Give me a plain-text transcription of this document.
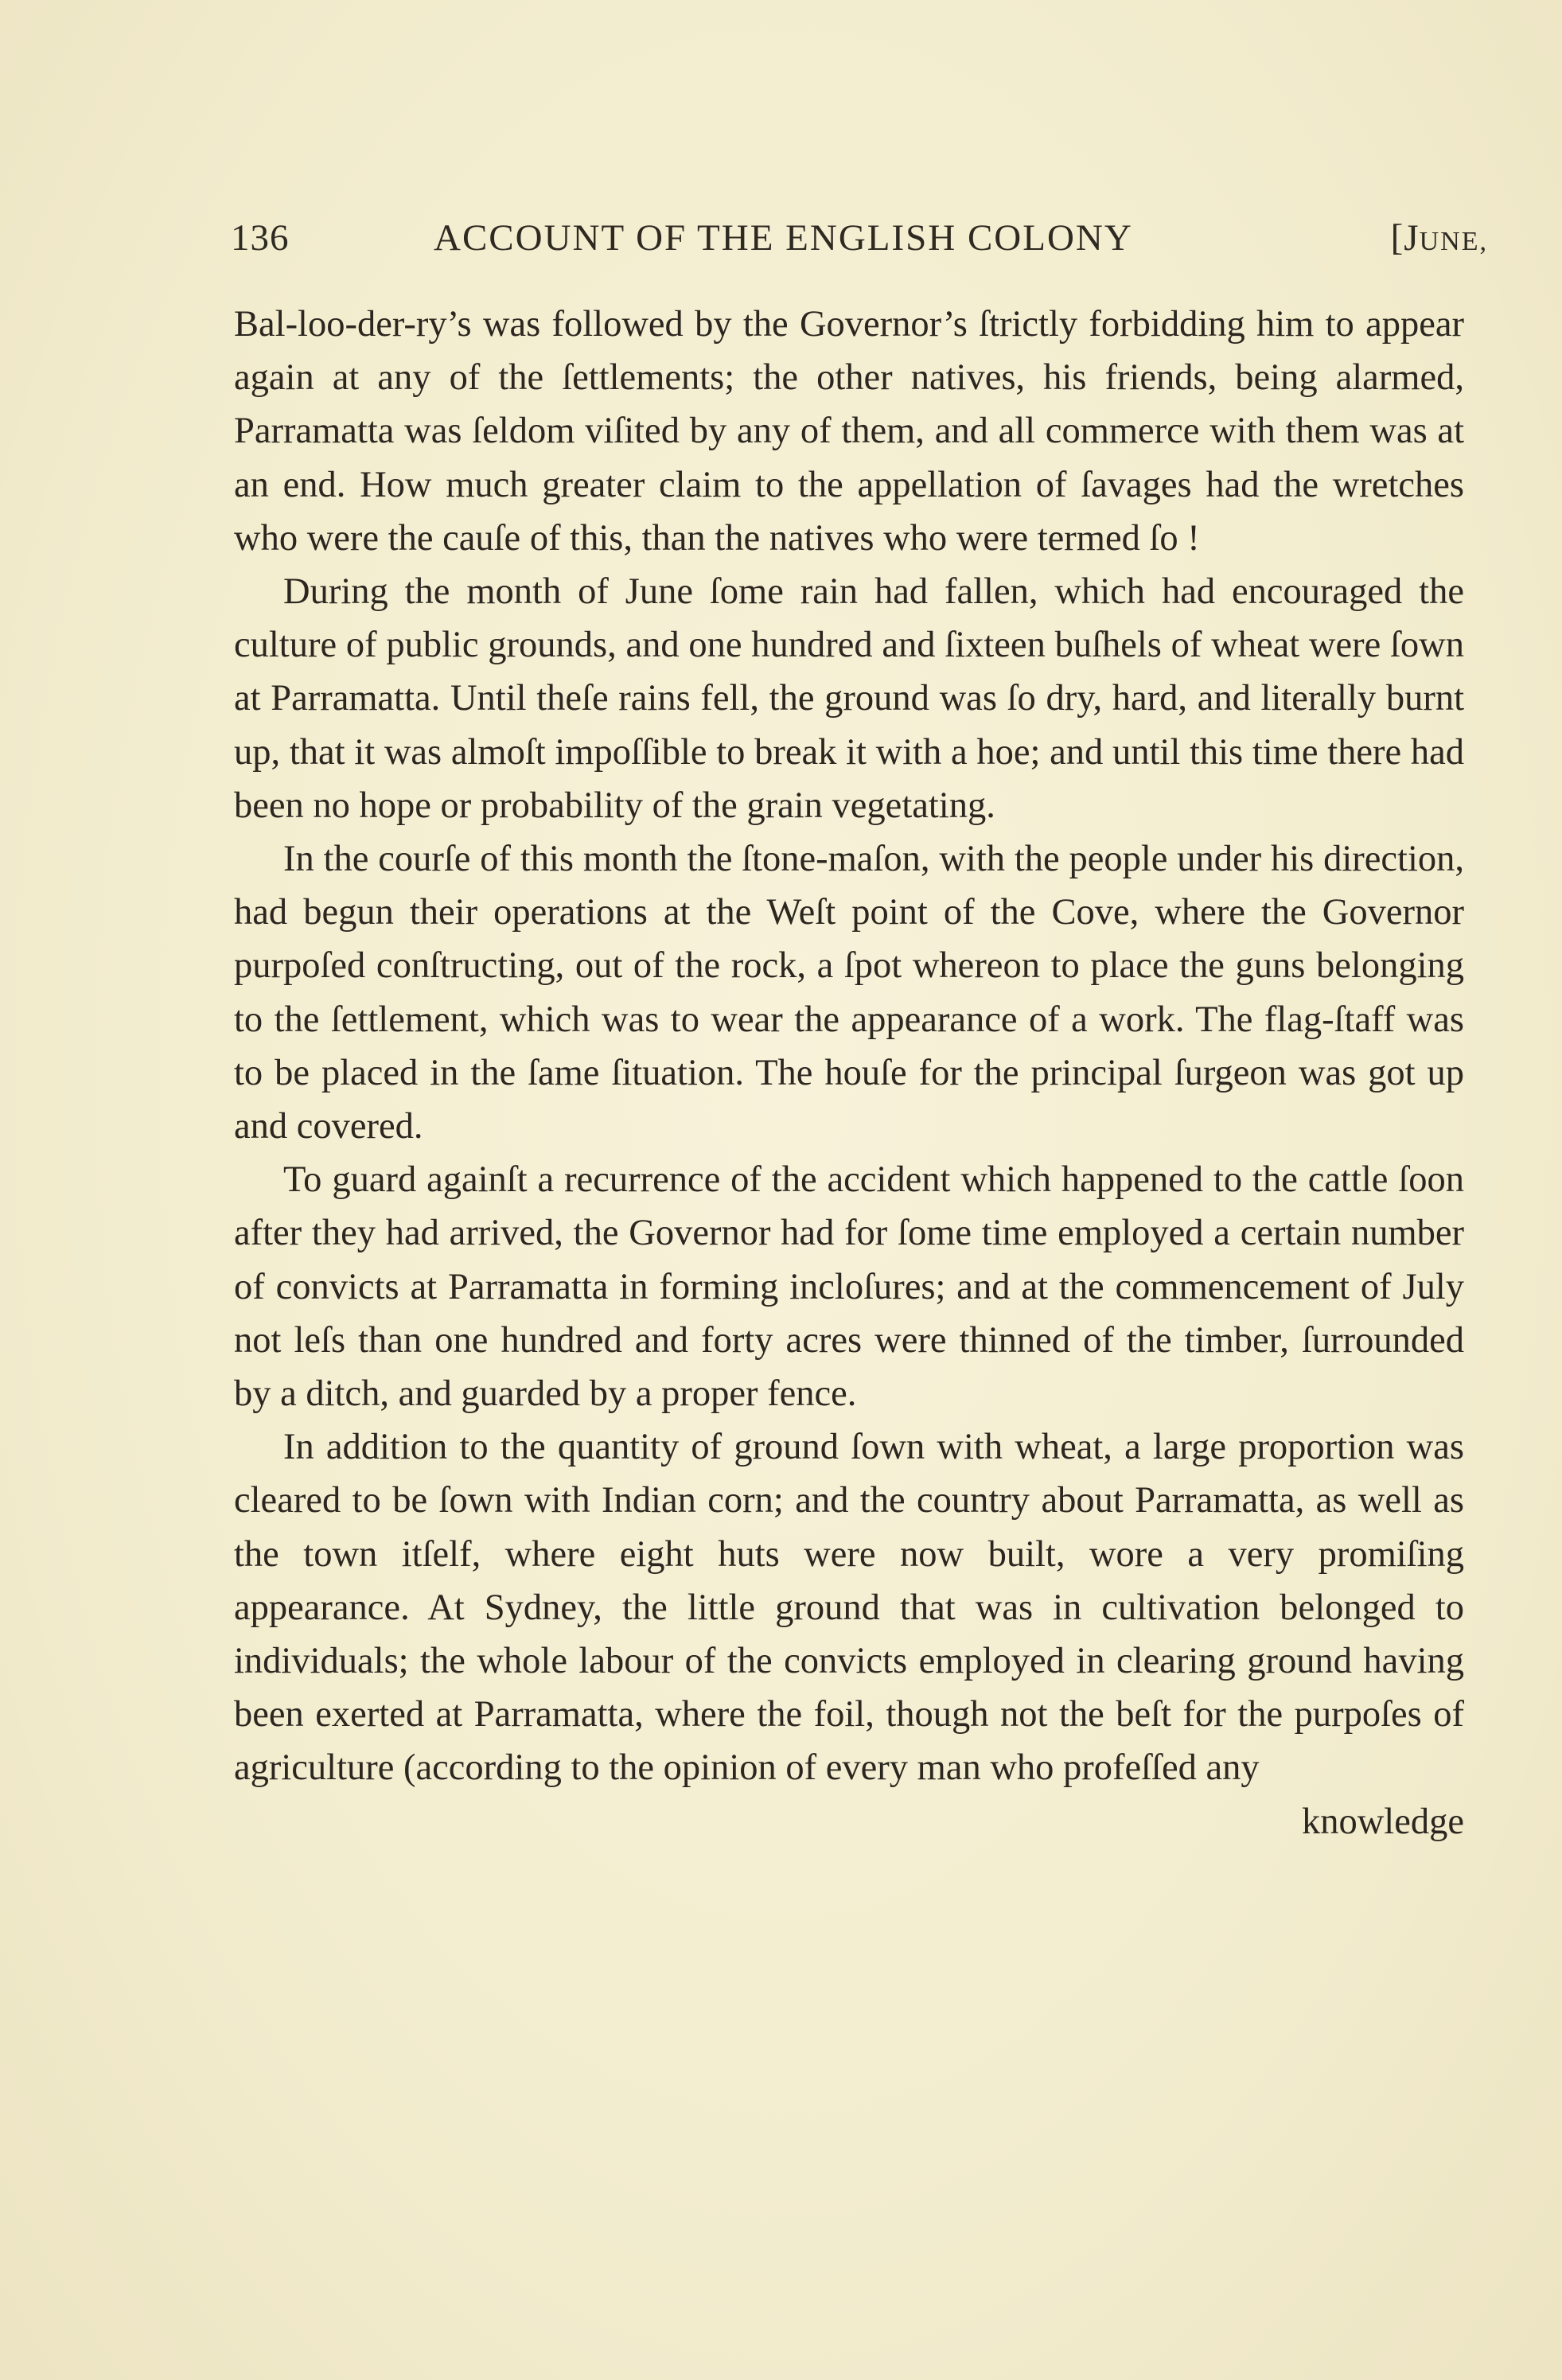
136	ACCOUNT OF THE ENGLISH COLONY	[JUNE,

Bal-loo-der-ry’s was followed by the Governor’s ſtrictly forbidding him to appear again at any of the ſettlements; the other natives, his friends, being alarmed, Parramatta was ſeldom viſited by any of them, and all commerce with them was at an end. How much greater claim to the appellation of ſavages had the wretches who were the cauſe of this, than the natives who were termed ſo !

During the month of June ſome rain had fallen, which had encouraged the culture of public grounds, and one hundred and ſixteen buſhels of wheat were ſown at Parramatta. Until theſe rains fell, the ground was ſo dry, hard, and literally burnt up, that it was almoſt impoſſible to break it with a hoe; and until this time there had been no hope or probability of the grain vegetating.

In the courſe of this month the ſtone-maſon, with the people under his direction, had begun their operations at the Weſt point of the Cove, where the Governor purpoſed conſtructing, out of the rock, a ſpot whereon to place the guns belonging to the ſettlement, which was to wear the appearance of a work. The flag-ſtaff was to be placed in the ſame ſituation. The houſe for the principal ſurgeon was got up and covered.

To guard againſt a recurrence of the accident which happened to the cattle ſoon after they had arrived, the Governor had for ſome time employed a certain number of convicts at Parramatta in forming incloſures; and at the commencement of July not leſs than one hundred and forty acres were thinned of the timber, ſurrounded by a ditch, and guarded by a proper fence.

In addition to the quantity of ground ſown with wheat, a large proportion was cleared to be ſown with Indian corn; and the country about Parramatta, as well as the town itſelf, where eight huts were now built, wore a very promiſing appearance. At Sydney, the little ground that was in cultivation belonged to individuals; the whole labour of the convicts employed in clearing ground having been exerted at Parramatta, where the foil, though not the beſt for the purpoſes of agriculture (according to the opinion of every man who profeſſed any

knowledge
